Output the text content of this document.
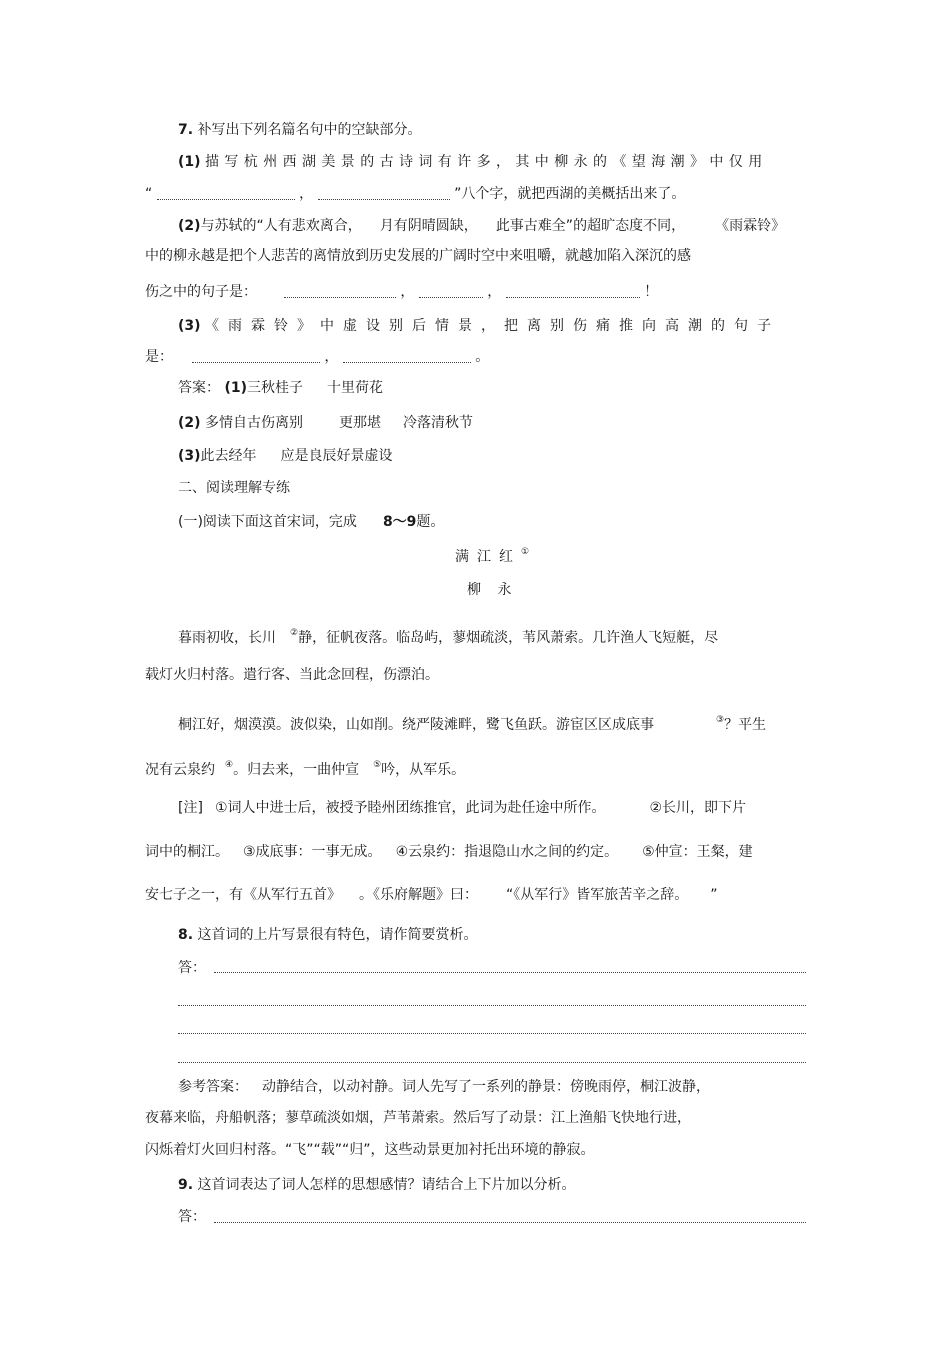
7. 补写出下列名篇名句中的空缺部分。
(1) 描写杭州西湖美景的古诗词有许多，其中柳永的《望海潮》中仅用
“	，	”八个字，就把西湖的美概括出来了。
(2)与苏轼的“人有悲欢离合， 月有阴晴圆缺， 此事古难全”的超旷态度不同， 《雨霖铃》
中的柳永越是把个人悲苦的离情放到历史发展的广阔时空中来咀嚼，就越加陷入深沉的感
伤之中的句子是：	，	，	！
(3) 《雨霖铃》中虚设别后情景，把离别伤痛推向高潮的句子
是：	，	。
答案： (1)三秋桂子 十里荷花
(2) 多情自古伤离别	更那堪 冷落清秋节
(3)此去经年 应是良辰好景虚设
二、阅读理解专练
(一)阅读下面这首宋词，完成 8～9题。
满江红①
柳 永
暮雨初收，长川 ②静，征帆夜落。临岛屿，蓼烟疏淡，苇风萧索。几许渔人飞短艇，尽
载灯火归村落。遣行客、当此念回程，伤漂泊。
桐江好，烟漠漠。波似染，山如削。绕严陵滩畔，鹭飞鱼跃。游宦区区成底事	③？平生
况有云泉约 ④。归去来，一曲仲宣 ⑤吟，从军乐。
[注] ①词人中进士后，被授予睦州团练推官，此词为赴任途中所作。	②长川，即下片
词中的桐江。 ③成底事：一事无成。 ④云泉约：指退隐山水之间的约定。 ⑤仲宣：王粲，建
安七子之一，有《从军行五首》 。《乐府解题》曰： “《从军行》皆军旅苦辛之辞。 ”
8. 这首词的上片写景很有特色，请作简要赏析。
答：
参考答案： 动静结合，以动衬静。词人先写了一系列的静景：傍晚雨停，桐江波静，
夜幕来临，舟船帆落；蓼草疏淡如烟，芦苇萧索。然后写了动景：江上渔船飞快地行进，
闪烁着灯火回归村落。“飞”“载”“归”，这些动景更加衬托出环境的静寂。
9. 这首词表达了词人怎样的思想感情？请结合上下片加以分析。
答：
